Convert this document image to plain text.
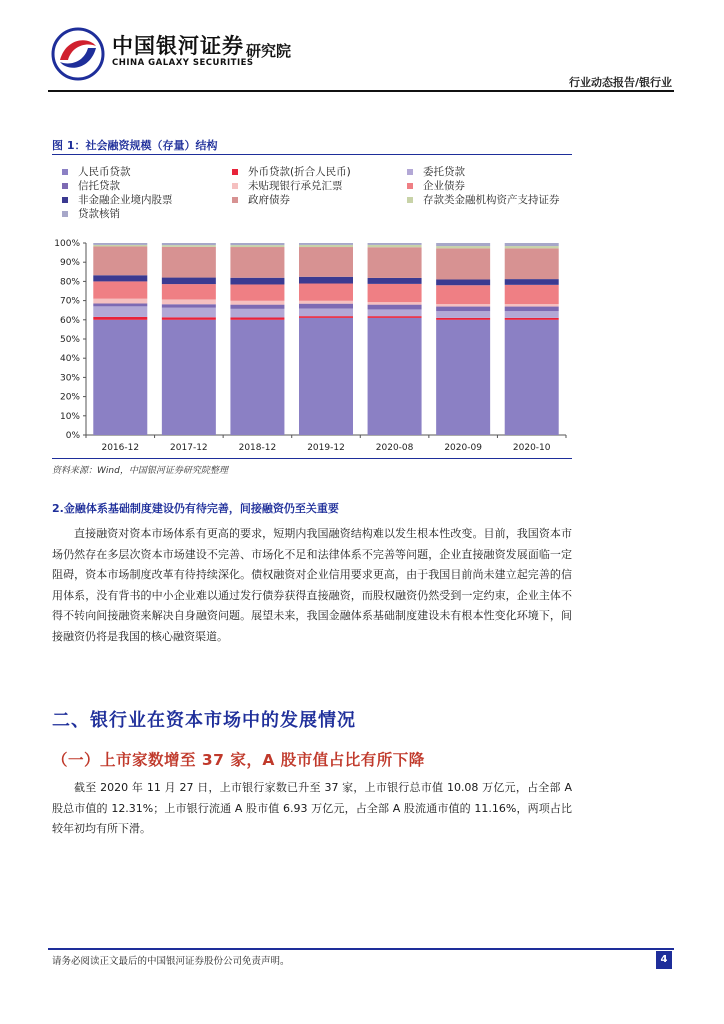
中国银河证券
CHINA GALAXY SECURITIES
研究院
行业动态报告/银行业
图 1：社会融资规模（存量）结构
人民币贷款	外币贷款(折合人民币)	委托贷款
信托贷款	未贴现银行承兑汇票	企业债券
非金融企业境内股票	政府债券	存款类金融机构资产支持证券
贷款核销
0%
10%
20%
30%
40%
50%
60%
70%
80%
90%
100%
2016-12	2017-12	2018-12	2019-12	2020-08	2020-09	2020-10
资料来源：Wind，中国银河证券研究院整理
2.金融体系基础制度建设仍有待完善，间接融资仍至关重要
直接融资对资本市场体系有更高的要求，短期内我国融资结构难以发生根本性改变。目前，我国资本市场仍然存在多层次资本市场建设不完善、市场化不足和法律体系不完善等问题，企业直接融资发展面临一定阻碍，资本市场制度改革有待持续深化。债权融资对企业信用要求更高，由于我国目前尚未建立起完善的信用体系，没有背书的中小企业难以通过发行债券获得直接融资，而股权融资仍然受到一定约束，企业主体不得不转向间接融资来解决自身融资问题。展望未来，我国金融体系基础制度建设未有根本性变化环境下，间接融资仍将是我国的核心融资渠道。
二、银行业在资本市场中的发展情况
（一）上市家数增至 37 家，A 股市值占比有所下降
截至 2020 年 11 月 27 日，上市银行家数已升至 37 家，上市银行总市值 10.08 万亿元，占全部 A 股总市值的 12.31%；上市银行流通 A 股市值 6.93 万亿元，占全部 A 股流通市值的 11.16%，两项占比较年初均有所下滑。
请务必阅读正文最后的中国银河证券股份公司免责声明。	4
